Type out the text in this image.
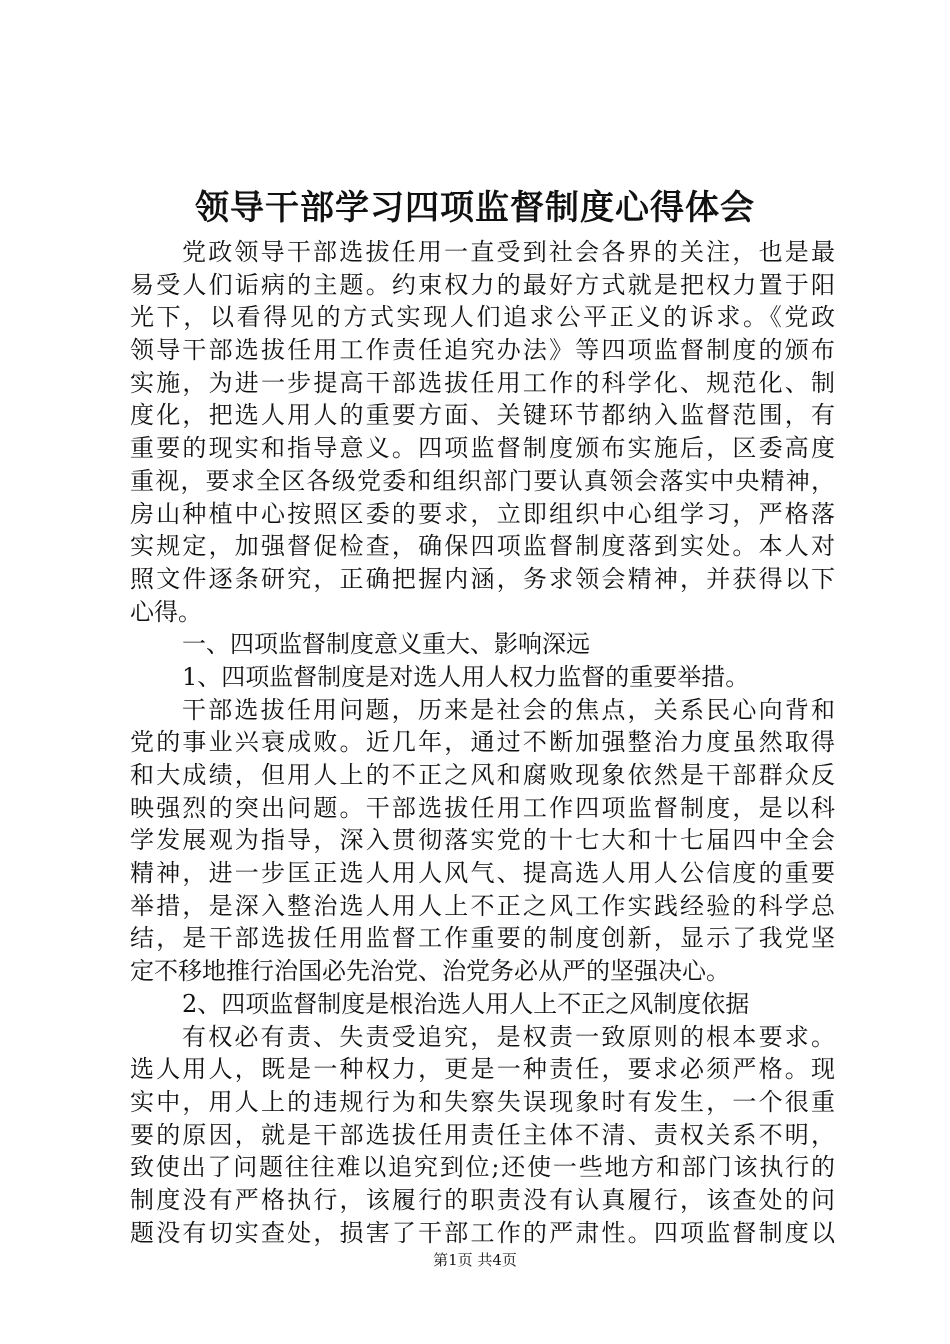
领导干部学习四项监督制度心得体会
党政领导干部选拔任用一直受到社会各界的关注，也是最
易受人们诟病的主题。约束权力的最好方式就是把权力置于阳
光下，以看得见的方式实现人们追求公平正义的诉求。《党政
领导干部选拔任用工作责任追究办法》等四项监督制度的颁布
实施，为进一步提高干部选拔任用工作的科学化、规范化、制
度化，把选人用人的重要方面、关键环节都纳入监督范围，有
重要的现实和指导意义。四项监督制度颁布实施后，区委高度
重视，要求全区各级党委和组织部门要认真领会落实中央精神，
房山种植中心按照区委的要求，立即组织中心组学习，严格落
实规定，加强督促检查，确保四项监督制度落到实处。本人对
照文件逐条研究，正确把握内涵，务求领会精神，并获得以下
心得。
一、四项监督制度意义重大、影响深远
1、四项监督制度是对选人用人权力监督的重要举措。
干部选拔任用问题，历来是社会的焦点，关系民心向背和
党的事业兴衰成败。近几年，通过不断加强整治力度虽然取得
和大成绩，但用人上的不正之风和腐败现象依然是干部群众反
映强烈的突出问题。干部选拔任用工作四项监督制度，是以科
学发展观为指导，深入贯彻落实党的十七大和十七届四中全会
精神，进一步匡正选人用人风气、提高选人用人公信度的重要
举措，是深入整治选人用人上不正之风工作实践经验的科学总
结，是干部选拔任用监督工作重要的制度创新，显示了我党坚
定不移地推行治国必先治党、治党务必从严的坚强决心。
2、四项监督制度是根治选人用人上不正之风制度依据
有权必有责、失责受追究，是权责一致原则的根本要求。
选人用人，既是一种权力，更是一种责任，要求必须严格。现
实中，用人上的违规行为和失察失误现象时有发生，一个很重
要的原因，就是干部选拔任用责任主体不清、责权关系不明，
致使出了问题往往难以追究到位;还使一些地方和部门该执行的
制度没有严格执行，该履行的职责没有认真履行，该查处的问
题没有切实查处，损害了干部工作的严肃性。四项监督制度以
第1页 共4页
